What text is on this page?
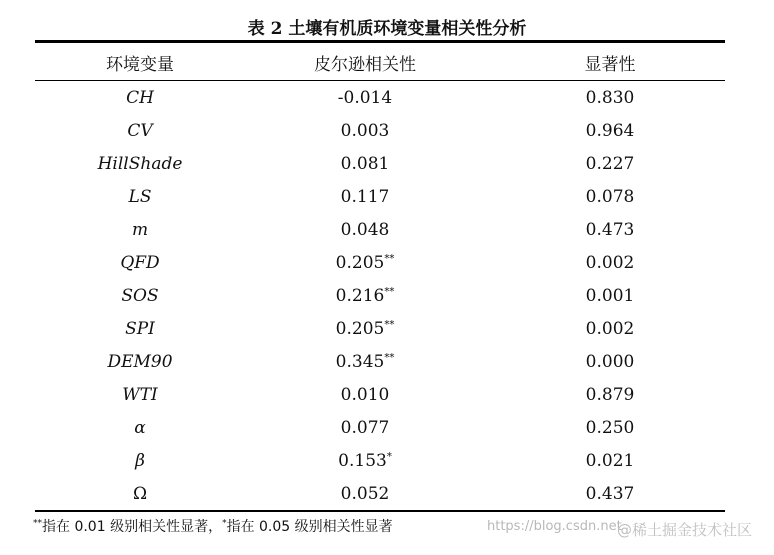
表 2 土壤有机质环境变量相关性分析
环境变量	皮尔逊相关性	显著性
CH	-0.014	0.830
CV	0.003	0.964
HillShade	0.081	0.227
LS	0.117	0.078
m	0.048	0.473
QFD	0.205**	0.002
SOS	0.216**	0.001
SPI	0.205**	0.002
DEM90	0.345**	0.000
WTI	0.010	0.879
α	0.077	0.250
β	0.153*	0.021
Ω	0.052	0.437
**指在 0.01 级别相关性显著，*指在 0.05 级别相关性显著	https://blog.csdn.net
@稀土掘金技术社区
